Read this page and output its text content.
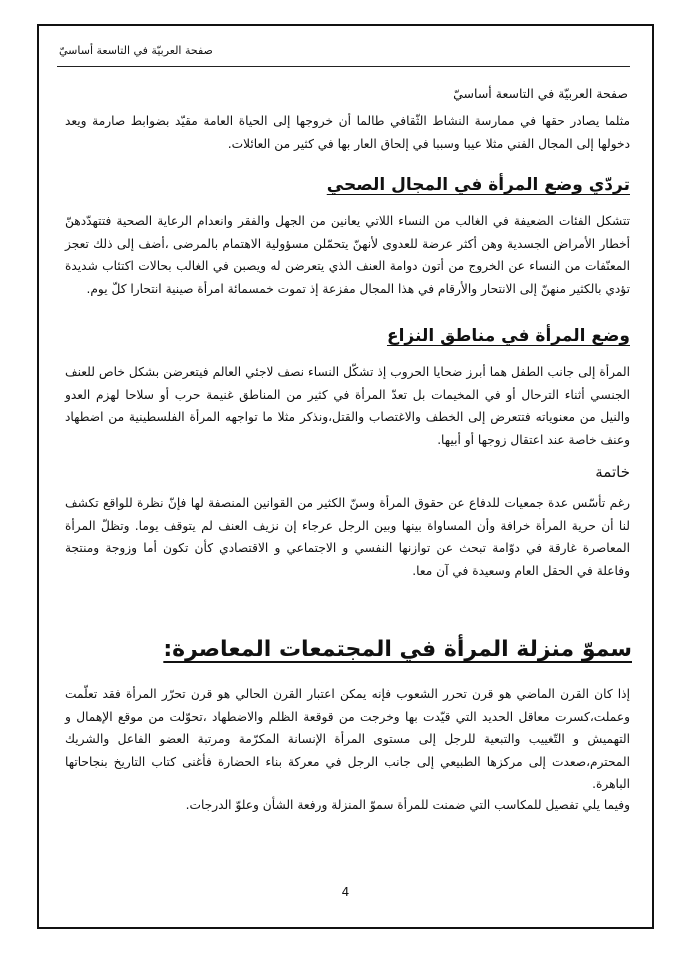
صفحة العربيّة في التاسعة أساسيّ
صفحة العربيّة في التاسعة أساسيّ
مثلما يصادر حقها في ممارسة النشاط الثّقافي طالما أن خروجها إلى الحياة العامة مقيّد بضوابط صارمة ويعد دخولها إلى المجال الفني مثلا عيبا وسببا في إلحاق العار بها في كثير من العائلات.
تردّي وضع المرأة في المجال الصحي
تتشكل الفئات الضعيفة في الغالب من النساء اللاتي يعانين من الجهل والفقر وانعدام الرعاية الصحية فتتهدّدهنّ أخطار الأمراض الجسدية وهن أكثر عرضة للعدوى لأنهنّ يتحمّلن مسؤولية الاهتمام بالمرضى ،أضف إلى ذلك تعجز المعنّفات من النساء عن الخروج من أتون دوامة العنف الذي يتعرضن له ويصبن في الغالب بحالات اكتئاب شديدة تؤدي بالكثير منهنّ إلى الانتحار والأرقام في هذا المجال مفزعة إذ تموت خمسمائة امرأة صينية انتحارا كلّ يوم.
وضع المرأة في مناطق النزاع
المرأة إلى جانب الطفل هما أبرز ضحايا الحروب إذ تشكّل النساء نصف لاجئي العالم فيتعرضن بشكل خاص للعنف الجنسي أثناء الترحال أو في المخيمات بل تعدّ المرأة في كثير من المناطق غنيمة حرب أو سلاحا لهزم العدو والنيل من معنوياته فتتعرض إلى الخطف والاغتصاب والقتل،ونذكر مثلا ما تواجهه المرأة الفلسطينية من اضطهاد وعنف خاصة عند اعتقال زوجها أو أبيها.
خاتمة
رغم تأسّس عدة جمعيات للدفاع عن حقوق المرأة وسنّ الكثير من القوانين المنصفة لها فإنّ نظرة للواقع تكشف لنا أن حرية المرأة خرافة وأن المساواة بينها وبين الرجل عرجاء إن نزيف العنف لم يتوقف يوما. وتظلّ المرأة المعاصرة غارقة في دوّامة تبحث عن توازنها النفسي و الاجتماعي و الاقتصادي كأن تكون أما وزوجة ومنتجة وفاعلة في الحقل العام وسعيدة في آن معا.
سموّ منزلة المرأة في المجتمعات المعاصرة:
إذا كان القرن الماضي هو قرن تحرر الشعوب فإنه يمكن اعتبار القرن الحالي هو قرن تحرّر المرأة فقد تعلّمت وعملت،كسرت معاقل الحديد التي قيّدت بها وخرجت من قوقعة الظلم والاضطهاد ،تحوّلت من موقع الإهمال و التهميش و التّغييب والتبعية للرجل إلى مستوى المرأة الإنسانة المكرّمة ومرتبة العضو الفاعل والشريك المحترم،صعدت إلى مركزها الطبيعي إلى جانب الرجل في معركة بناء الحضارة فأغنى كتاب التاريخ بنجاحاتها الباهرة.
وفيما يلي تفصيل للمكاسب التي ضمنت للمرأة سموّ المنزلة ورفعة الشأن وعلوّ الدرجات.
4
